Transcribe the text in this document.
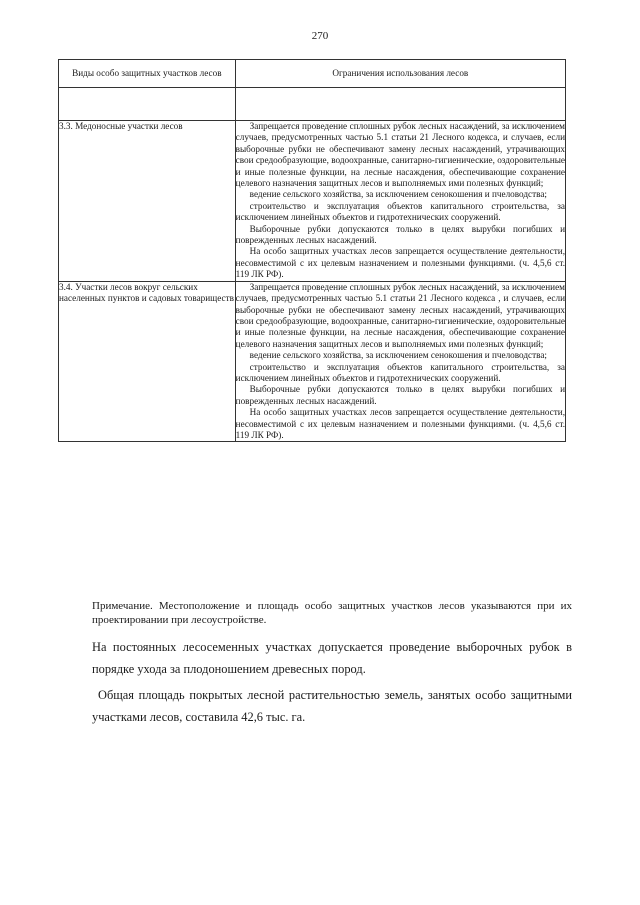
270
Виды особо защитных участков лесов	Ограничения использования лесов

3.3. Медоносные участки лесов	Запрещается проведение сплошных рубок лесных насаждений, за исключением случаев, предусмотренных частью 5.1 статьи 21 Лесного кодекса, и случаев, если выборочные рубки не обеспечивают замену лесных насаждений, утрачивающих свои средообразующие, водоохранные, санитарно-гигиенические, оздоровительные и иные полезные функции, на лесные насаждения, обеспечивающие сохранение целевого назначения защитных лесов и выполняемых ими полезных функций;

ведение сельского хозяйства, за исключением сенокошения и пчеловодства;

строительство и эксплуатация объектов капитального строительства, за исключением линейных объектов и гидротехнических сооружений.

Выборочные рубки допускаются только в целях вырубки погибших и поврежденных лесных насаждений.

На особо защитных участках лесов запрещается осуществление деятельности, несовместимой с их целевым назначением и полезными функциями. (ч. 4,5,6 ст. 119 ЛК РФ).

3.4. Участки лесов вокруг сельских населенных пунктов и садовых товариществ	Запрещается проведение сплошных рубок лесных насаждений, за исключением случаев, предусмотренных частью 5.1 статьи 21 Лесного кодекса , и случаев, если выборочные рубки не обеспечивают замену лесных насаждений, утрачивающих свои средообразующие, водоохранные, санитарно-гигиенические, оздоровительные и иные полезные функции, на лесные насаждения, обеспечивающие сохранение целевого назначения защитных лесов и выполняемых ими полезных функций;

ведение сельского хозяйства, за исключением сенокошения и пчеловодства;

строительство и эксплуатация объектов капитального строительства, за исключением линейных объектов и гидротехнических сооружений.

Выборочные рубки допускаются только в целях вырубки погибших и поврежденных лесных насаждений.

На особо защитных участках лесов запрещается осуществление деятельности, несовместимой с их целевым назначением и полезными функциями. (ч. 4,5,6 ст. 119 ЛК РФ).

Примечание. Местоположение и площадь особо защитных участков лесов указываются при их проектировании при лесоустройстве.

На постоянных лесосеменных участках допускается проведение выборочных рубок в порядке ухода за плодоношением древесных пород.

Общая площадь покрытых лесной растительностью земель, занятых особо защитными участками лесов, составила 42,6 тыс. га.
